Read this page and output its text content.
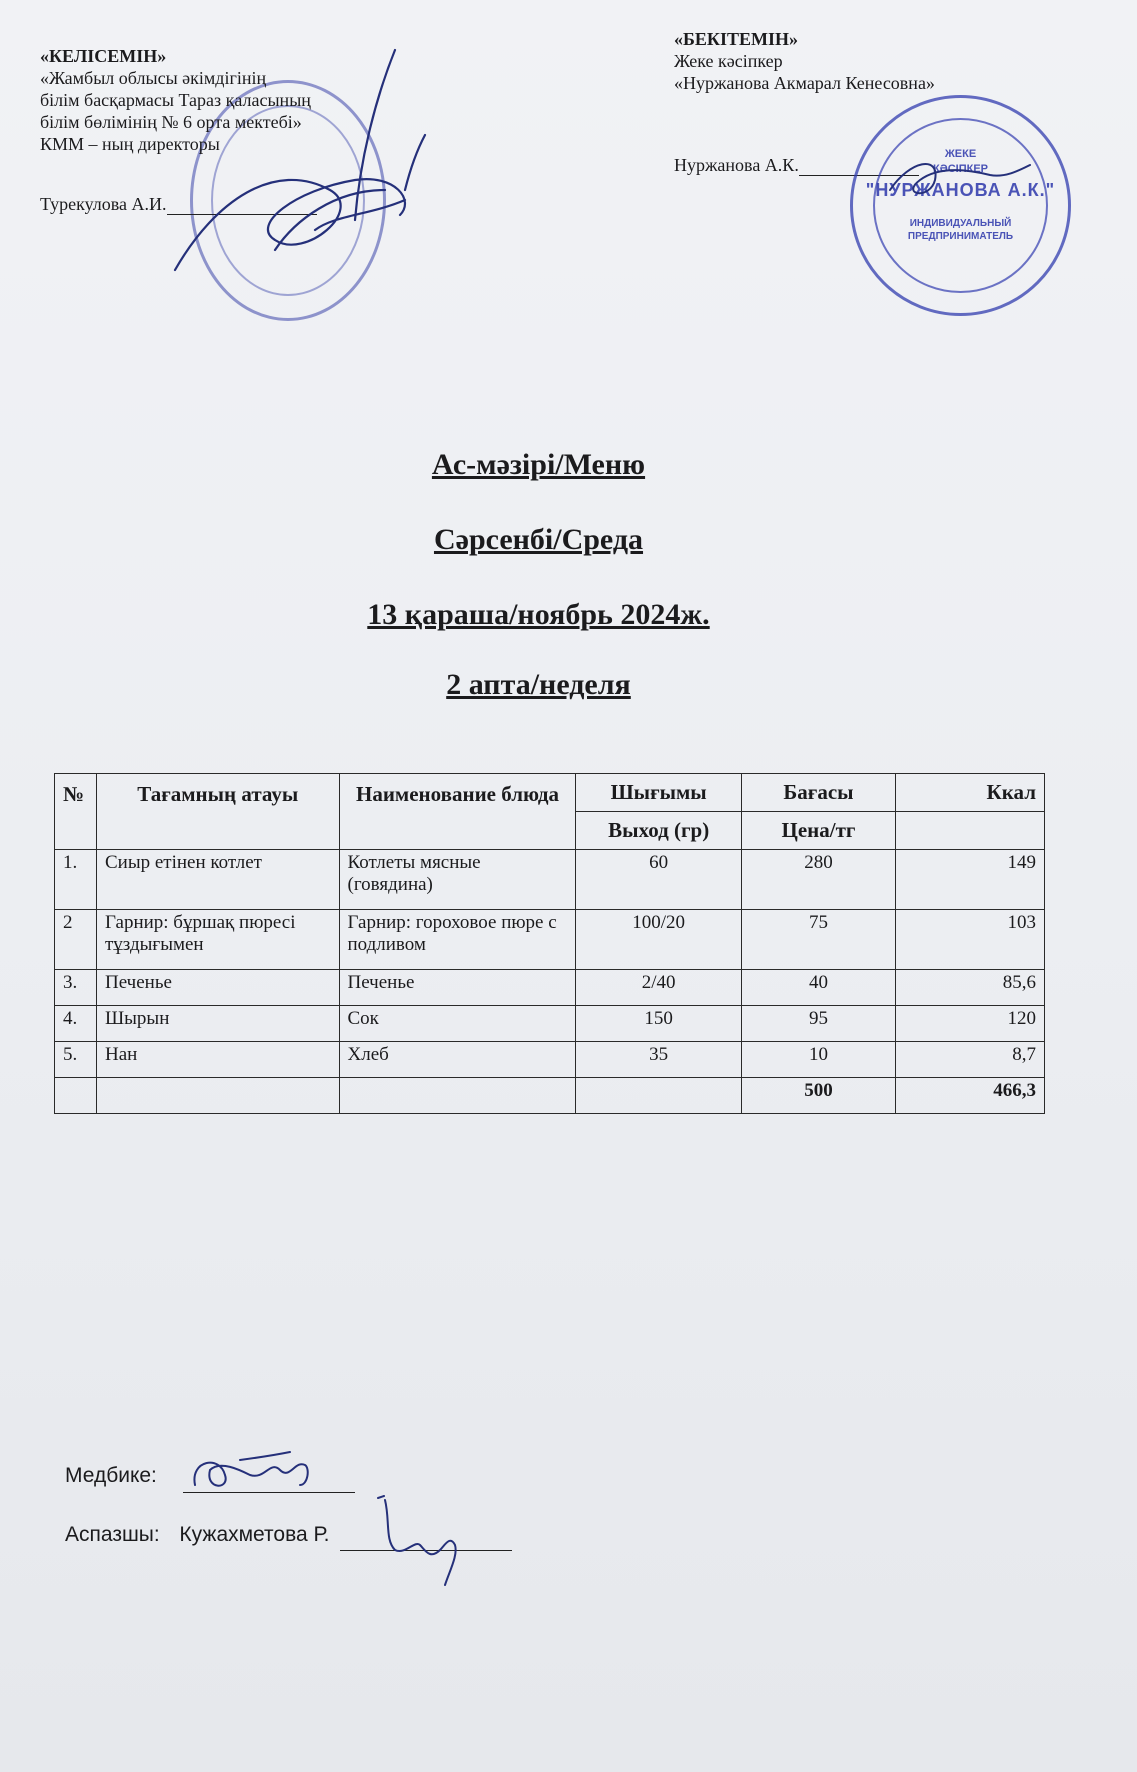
«КЕЛІСЕМІН»
«Жамбыл облысы әкімдігінің
білім басқармасы Тараз қаласының
білім бөлімінің № 6 орта мектебі»
КММ – ның директоры
Турекулова А.И.
«БЕКІТЕМІН»
Жеке кәсіпкер
«Нуржанова Акмарал Кенесовна»
Нуржанова А.К.
ЖЕКЕ
КӘСІПКЕР
"НУРЖАНОВА А.К."
ИНДИВИДУАЛЬНЫЙ
ПРЕДПРИНИМАТЕЛЬ
Ас-мәзірі/Меню
Сәрсенбі/Среда
13 қараша/ноябрь 2024ж.
2 апта/неделя
№	Тағамның атауы	Наименование блюда	Шығымы	Бағасы	Ккал
			Выход (гр)	Цена/тг	
1.	Сиыр етінен котлет	Котлеты мясные (говядина)	60	280	149
2	Гарнир: бұршақ пюресі тұздығымен	Гарнир: гороховое пюре с подливом	100/20	75	103
3.	Печенье	Печенье	2/40	40	85,6
4.	Шырын	Сок	150	95	120
5.	Нан	Хлеб	35	10	8,7
				500	466,3
Медбике:
Аспазшы: Кужахметова Р.
